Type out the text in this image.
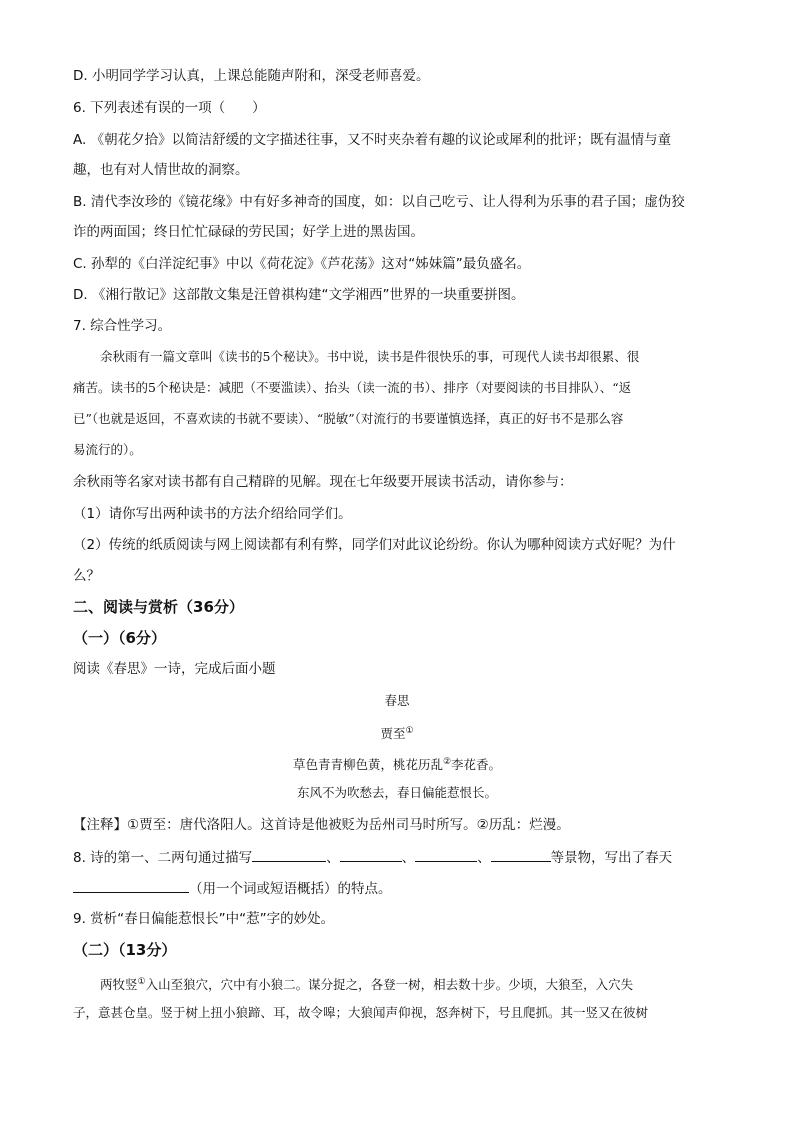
D. 小明同学学习认真，上课总能随声附和，深受老师喜爱。
6. 下列表述有误的一项（　　）
A. 《朝花夕拾》以简洁舒缓的文字描述往事，又不时夹杂着有趣的议论或犀利的批评；既有温情与童
趣，也有对人情世故的洞察。
B. 清代李汝珍的《镜花缘》中有好多神奇的国度，如：以自己吃亏、让人得利为乐事的君子国；虚伪狡
诈的两面国；终日忙忙碌碌的劳民国；好学上进的黑齿国。
C. 孙犁的《白洋淀纪事》中以《荷花淀》《芦花荡》这对“姊妹篇”最负盛名。
D. 《湘行散记》这部散文集是汪曾祺构建“文学湘西”世界的一块重要拼图。
7. 综合性学习。
余秋雨有一篇文章叫《读书的5个秘诀》。书中说，读书是件很快乐的事，可现代人读书却很累、很
痛苦。读书的5个秘诀是：减肥（不要滥读）、抬头（读一流的书）、排序（对要阅读的书目排队）、“返
已”（也就是返回，不喜欢读的书就不要读）、“脱敏”（对流行的书要谨慎选择，真正的好书不是那么容
易流行的）。
余秋雨等名家对读书都有自己精辟的见解。现在七年级要开展读书活动，请你参与：
（1）请你写出两种读书的方法介绍给同学们。
（2）传统的纸质阅读与网上阅读都有利有弊，同学们对此议论纷纷。你认为哪种阅读方式好呢？为什
么？
二、阅读与赏析（36分）
（一）（6分）
阅读《春思》一诗，完成后面小题
春思
贾至①
草色青青柳色黄，桃花历乱②李花香。
东风不为吹愁去，春日偏能惹恨长。
【注释】①贾至：唐代洛阳人。这首诗是他被贬为岳州司马时所写。②历乱：烂漫。
8. 诗的第一、二两句通过描写	、	、	、	等景物，写出了春天
（用一个词或短语概括）的特点。
9. 赏析“春日偏能惹恨长”中“惹”字的妙处。
（二）（13分）
两牧竖①入山至狼穴，穴中有小狼二。谋分捉之，各登一树，相去数十步。少顷，大狼至，入穴失
子，意甚仓皇。竖于树上扭小狼蹄、耳，故令嗥；大狼闻声仰视，怒奔树下，号且爬抓。其一竖又在彼树
